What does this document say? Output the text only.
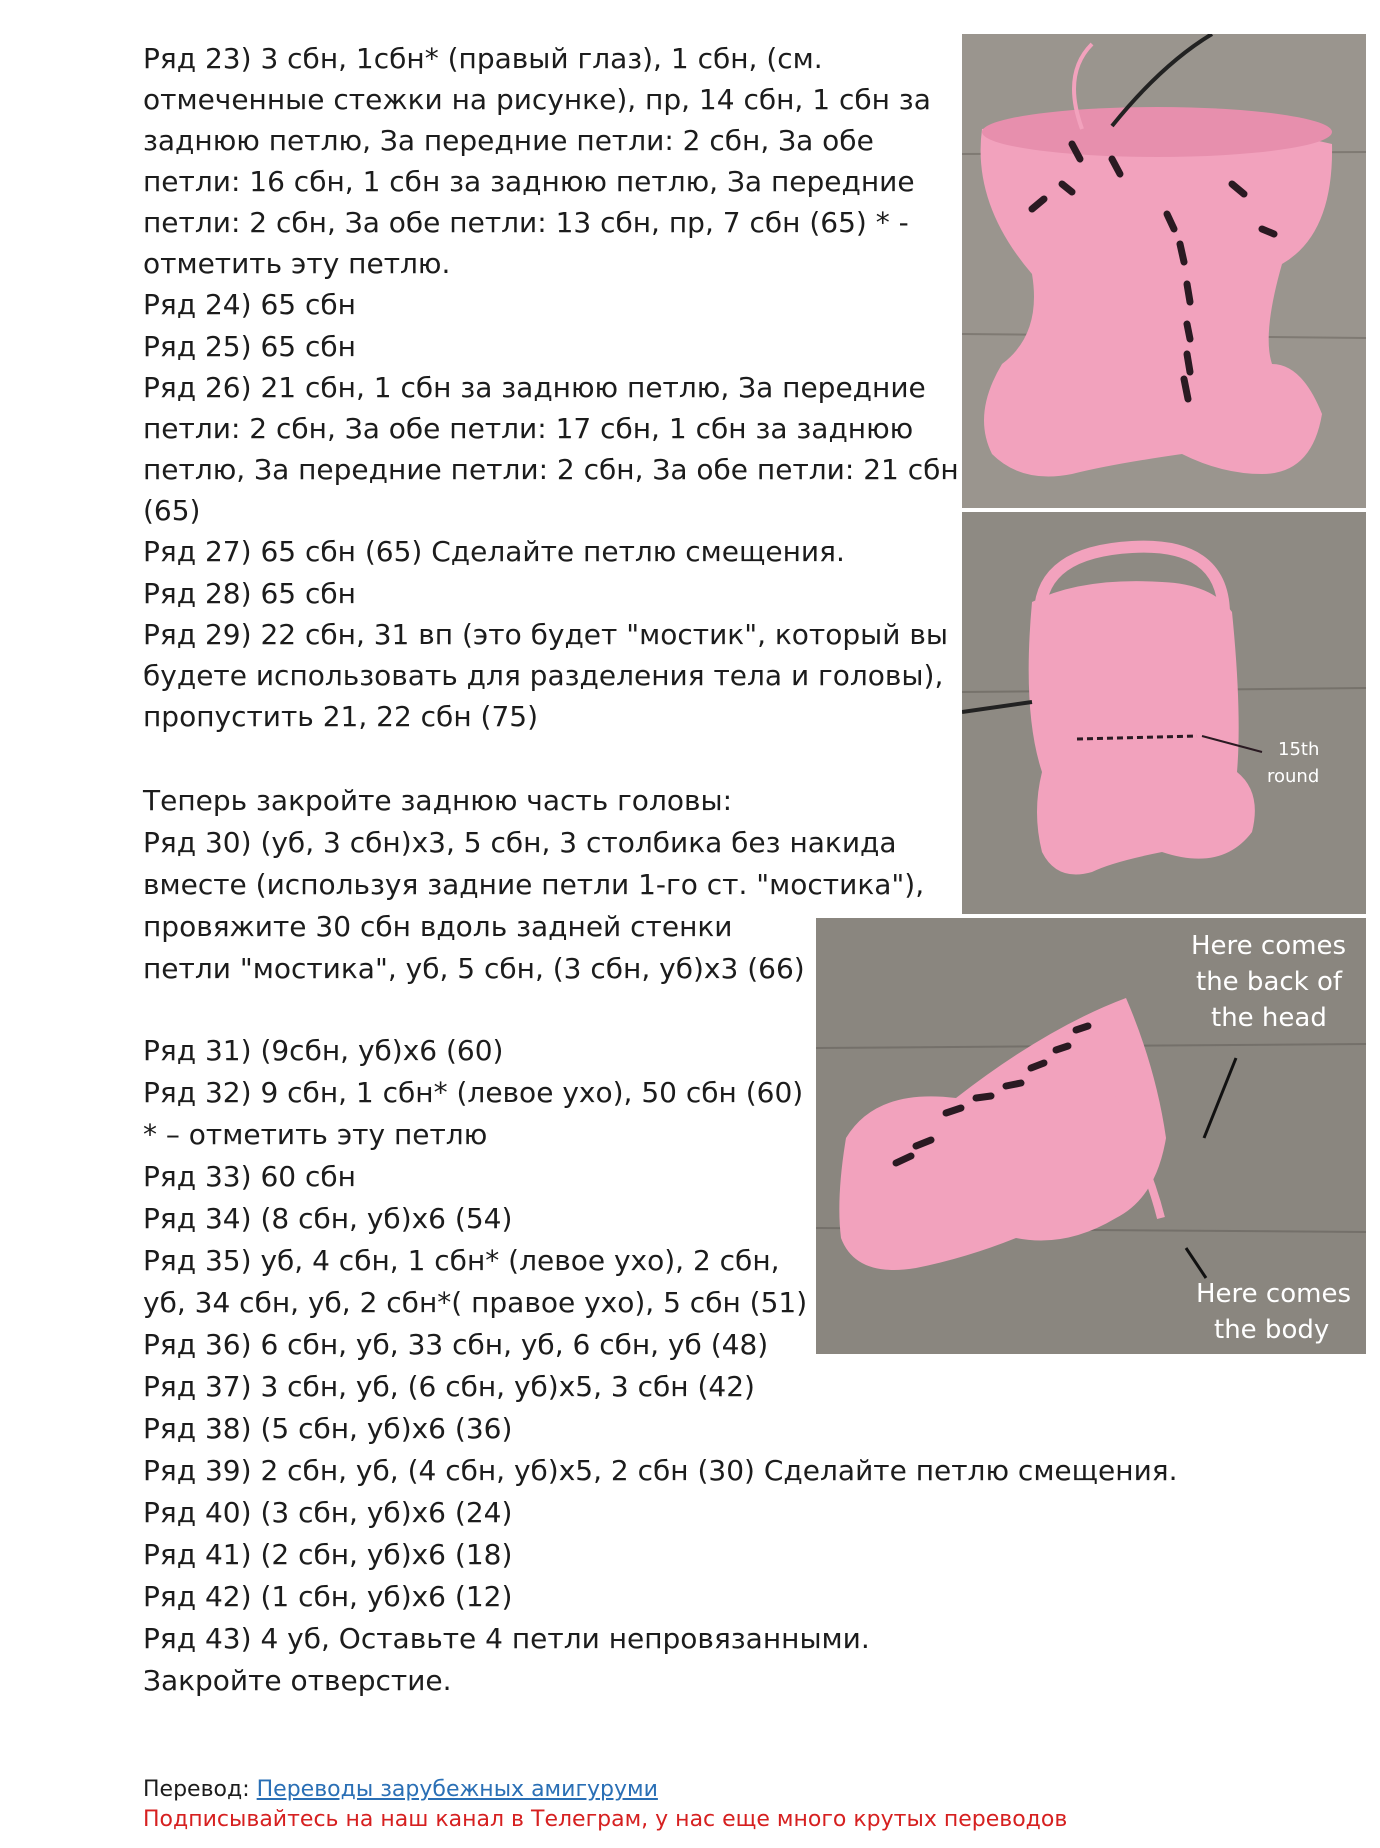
Ряд 23) 3 сбн, 1сбн* (правый глаз), 1 сбн, (см.
отмеченные стежки на рисунке), пр, 14 сбн, 1 сбн за
заднюю петлю, За передние петли: 2 сбн, За обе
петли: 16 сбн, 1 сбн за заднюю петлю, За передние
петли: 2 сбн, За обе петли: 13 сбн, пр, 7 сбн (65) * -
отметить эту петлю.
Ряд 24) 65 сбн
Ряд 25) 65 сбн
Ряд 26) 21 сбн, 1 сбн за заднюю петлю, За передние
петли: 2 сбн, За обе петли: 17 сбн, 1 сбн за заднюю
петлю, За передние петли: 2 сбн, За обе петли: 21 сбн
(65)
Ряд 27) 65 сбн (65) Сделайте петлю смещения.
Ряд 28) 65 сбн
Ряд 29) 22 сбн, 31 вп (это будет "мостик", который вы
будете использовать для разделения тела и головы),
пропустить 21, 22 сбн (75)
Теперь закройте заднюю часть головы:
Ряд 30) (уб, 3 сбн)х3, 5 сбн, 3 столбика без накида
вместе (используя задние петли 1-го ст. "мостика"),
провяжите 30 сбн вдоль задней стенки
петли "мостика", уб, 5 сбн, (3 сбн, уб)х3 (66)
Ряд 31) (9сбн, уб)х6 (60)
Ряд 32) 9 сбн, 1 сбн* (левое ухо), 50 сбн (60)
* – отметить эту петлю
Ряд 33) 60 сбн
Ряд 34) (8 сбн, уб)х6 (54)
Ряд 35) уб, 4 сбн, 1 сбн* (левое ухо), 2 сбн,
уб, 34 сбн, уб, 2 сбн*( правое ухо), 5 сбн (51)
Ряд 36) 6 сбн, уб, 33 сбн, уб, 6 сбн, уб (48)
Ряд 37) 3 сбн, уб, (6 сбн, уб)х5, 3 сбн (42)
Ряд 38) (5 сбн, уб)х6 (36)
Ряд 39) 2 сбн, уб, (4 сбн, уб)х5, 2 сбн (30) Сделайте петлю смещения.
Ряд 40) (3 сбн, уб)х6 (24)
Ряд 41) (2 сбн, уб)х6 (18)
Ряд 42) (1 сбн, уб)х6 (12)
Ряд 43) 4 уб, Оставьте 4 петли непровязанными.
Закройте отверстие.
Перевод: Переводы зарубежных амигуруми
Подписывайтесь на наш канал в Телеграм, у нас еще много крутых переводов
15th
round
Here comes
the back of
the head
Here comes
the body
